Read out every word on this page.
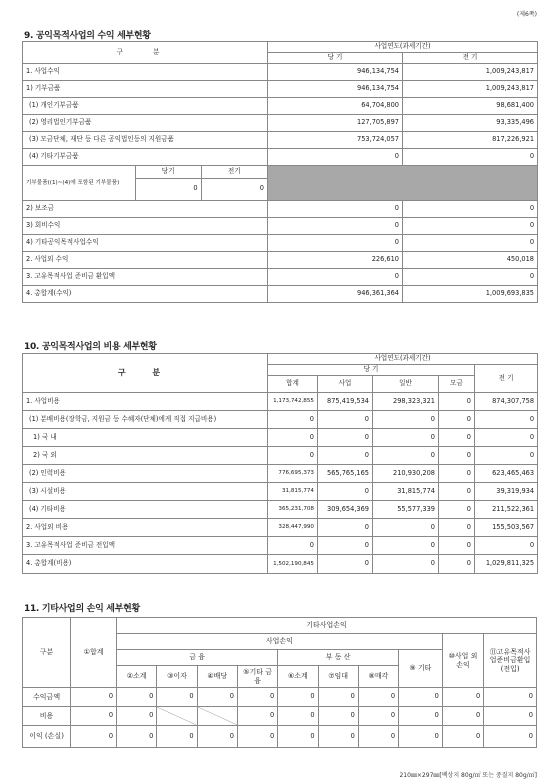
(제6쪽)
9. 공익목적사업의 수익 세부현황
구 분	사업연도(과세기간)
당 기	전 기
1. 사업수익	946,134,754	1,009,243,817
1) 기부금품	946,134,754	1,009,243,817
(1) 개인기부금품	64,704,800	98,681,400
(2) 영리법인기부금품	127,705,897	93,335,496
(3) 모금단체, 재단 등 다른 공익법인등의 지원금품	753,724,057	817,226,921
(4) 기타기부금품	0	0

기부물품((1)~(4)에 포함된 기부물품)	당기	전기
0	0

2) 보조금	0	0
3) 회비수익	0	0
4) 기타공익목적사업수익	0	0
2. 사업외 수익	226,610	450,018
3. 고유목적사업 준비금 환입액	0	0
4. 총합계(수익)	946,361,364	1,009,693,835
10. 공익목적사업의 비용 세부현황
구 분	사업연도(과세기간)				
	당 기				전 기
	합계	사업	일반	모금	
1. 사업비용	1,173,742,855	875,419,534	298,323,321	0	874,307,758
(1) 분배비용(장학금, 지원금 등 수혜자(단체)에게 직접 지급비용)	0	0	0	0	0
1) 국 내	0	0	0	0	0
2) 국 외	0	0	0	0	0
(2) 인력비용	776,695,373	565,765,165	210,930,208	0	623,465,463
(3) 시설비용	31,815,774	0	31,815,774	0	39,319,934
(4) 기타비용	365,231,708	309,654,369	55,577,339	0	211,522,361
2. 사업외 비용	328,447,990	0	0	0	155,503,567
3. 고유목적사업 준비금 전입액	0	0	0	0	0
4. 총합계(비용)	1,502,190,845	0	0	0	1,029,811,325
11. 기타사업의 손익 세부현황
구분	①합계	기타사업손익									
		사업손익								⑩사업 외손익	⑪고유목적사업준비금환입(전입)
		금 융				부 동 산			⑨ 기타		
		②소계	③이자	④배당	⑤기타 금융	⑥소계	⑦임대	⑧매각			
수익금액	0	0	0	0	0	0	0	0	0	0	0
비용	0	0			0	0	0	0	0	0	0
이익 (손실)	0	0	0	0	0	0	0	0	0	0	0
210㎜×297㎜[백상지 80g/㎡ 또는 중질지 80g/㎡]
